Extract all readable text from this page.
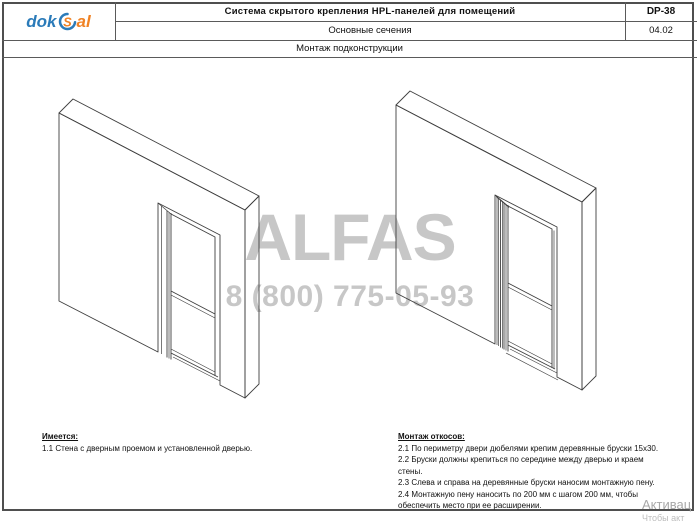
ALFAS
8 (800) 775-05-93
dok S al	Система скрытого крепления HPL-панелей для помещений	DP-38
Основные сечения	04.02
Монтаж подконструкции
Имеется:
1.1 Стена с дверным проемом и установленной дверью.
Монтаж откосов:
2.1 По периметру двери дюбелями крепим деревянные бруски 15х30.
2.2 Бруски должны крепиться по середине между дверью и краем стены.
2.3 Слева и справа на деревянные бруски наносим монтажную пену.
2.4 Монтажную пену наносить по 200 мм с шагом 200 мм, чтобы обеспечить место при ее расширении.	Активац
Чтобы акт
